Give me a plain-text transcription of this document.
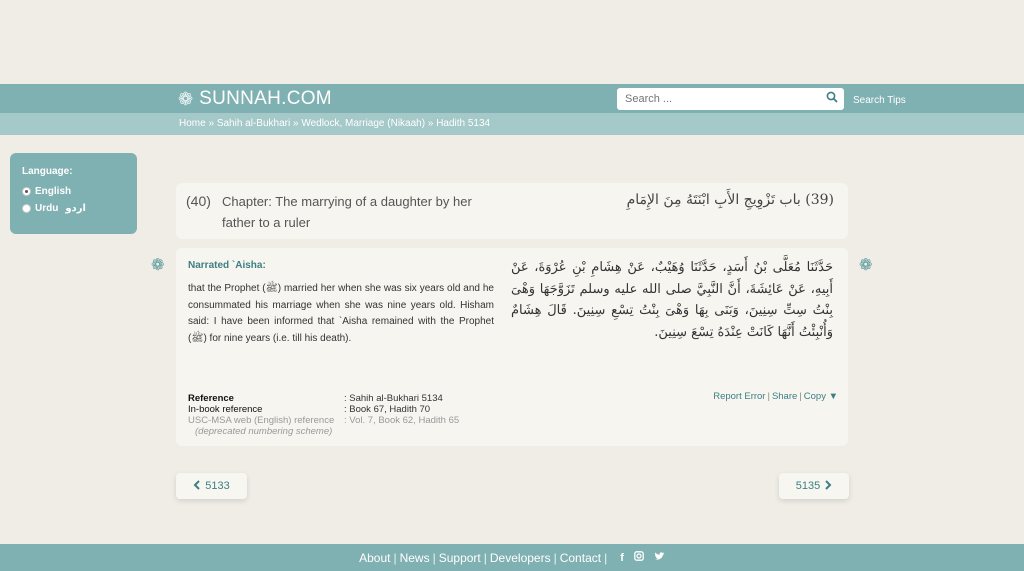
❁ SUNNAH.COM
Search ...	Search Tips
Home » Sahih al-Bukhari » Wedlock, Marriage (Nikaah) » Hadith 5134
Language:
English
Urdu اردو	(40) Chapter: The marrying of a daughter by her father to a ruler
(39) باب تَزْوِيجِ الأَبِ ابْنَتَهُ مِنَ الإِمَامِ
❁	❁
Narrated `Aisha:
that the Prophet (ﷺ) married her when she was six years old and he consummated his marriage when she was nine years old. Hisham said: I have been informed that `Aisha remained with the Prophet (ﷺ) for nine years (i.e. till his death).
حَدَّثَنَا مُعَلَّى بْنُ أَسَدٍ، حَدَّثَنَا وُهَيْبٌ، عَنْ هِشَامِ بْنِ عُرْوَةَ، عَنْ أَبِيهِ، عَنْ عَائِشَةَ، أَنَّ النَّبِيَّ صلى الله عليه وسلم تَزَوَّجَهَا وَهْىَ بِنْتُ سِتِّ سِنِينَ، وَبَنَى بِهَا وَهْىَ بِنْتُ تِسْعِ سِنِينَ‏.‏ قَالَ هِشَامٌ وَأُنْبِئْتُ أَنَّهَا كَانَتْ عِنْدَهُ تِسْعَ سِنِينَ‏.‏
Reference	: Sahih al-Bukhari 5134
In-book reference	: Book 67, Hadith 70
USC-MSA web (English) reference	: Vol. 7, Book 62, Hadith 65
(deprecated numbering scheme)
Report Error | Share | Copy ▼
5133	5135
About | News | Support | Developers | Contact | f
